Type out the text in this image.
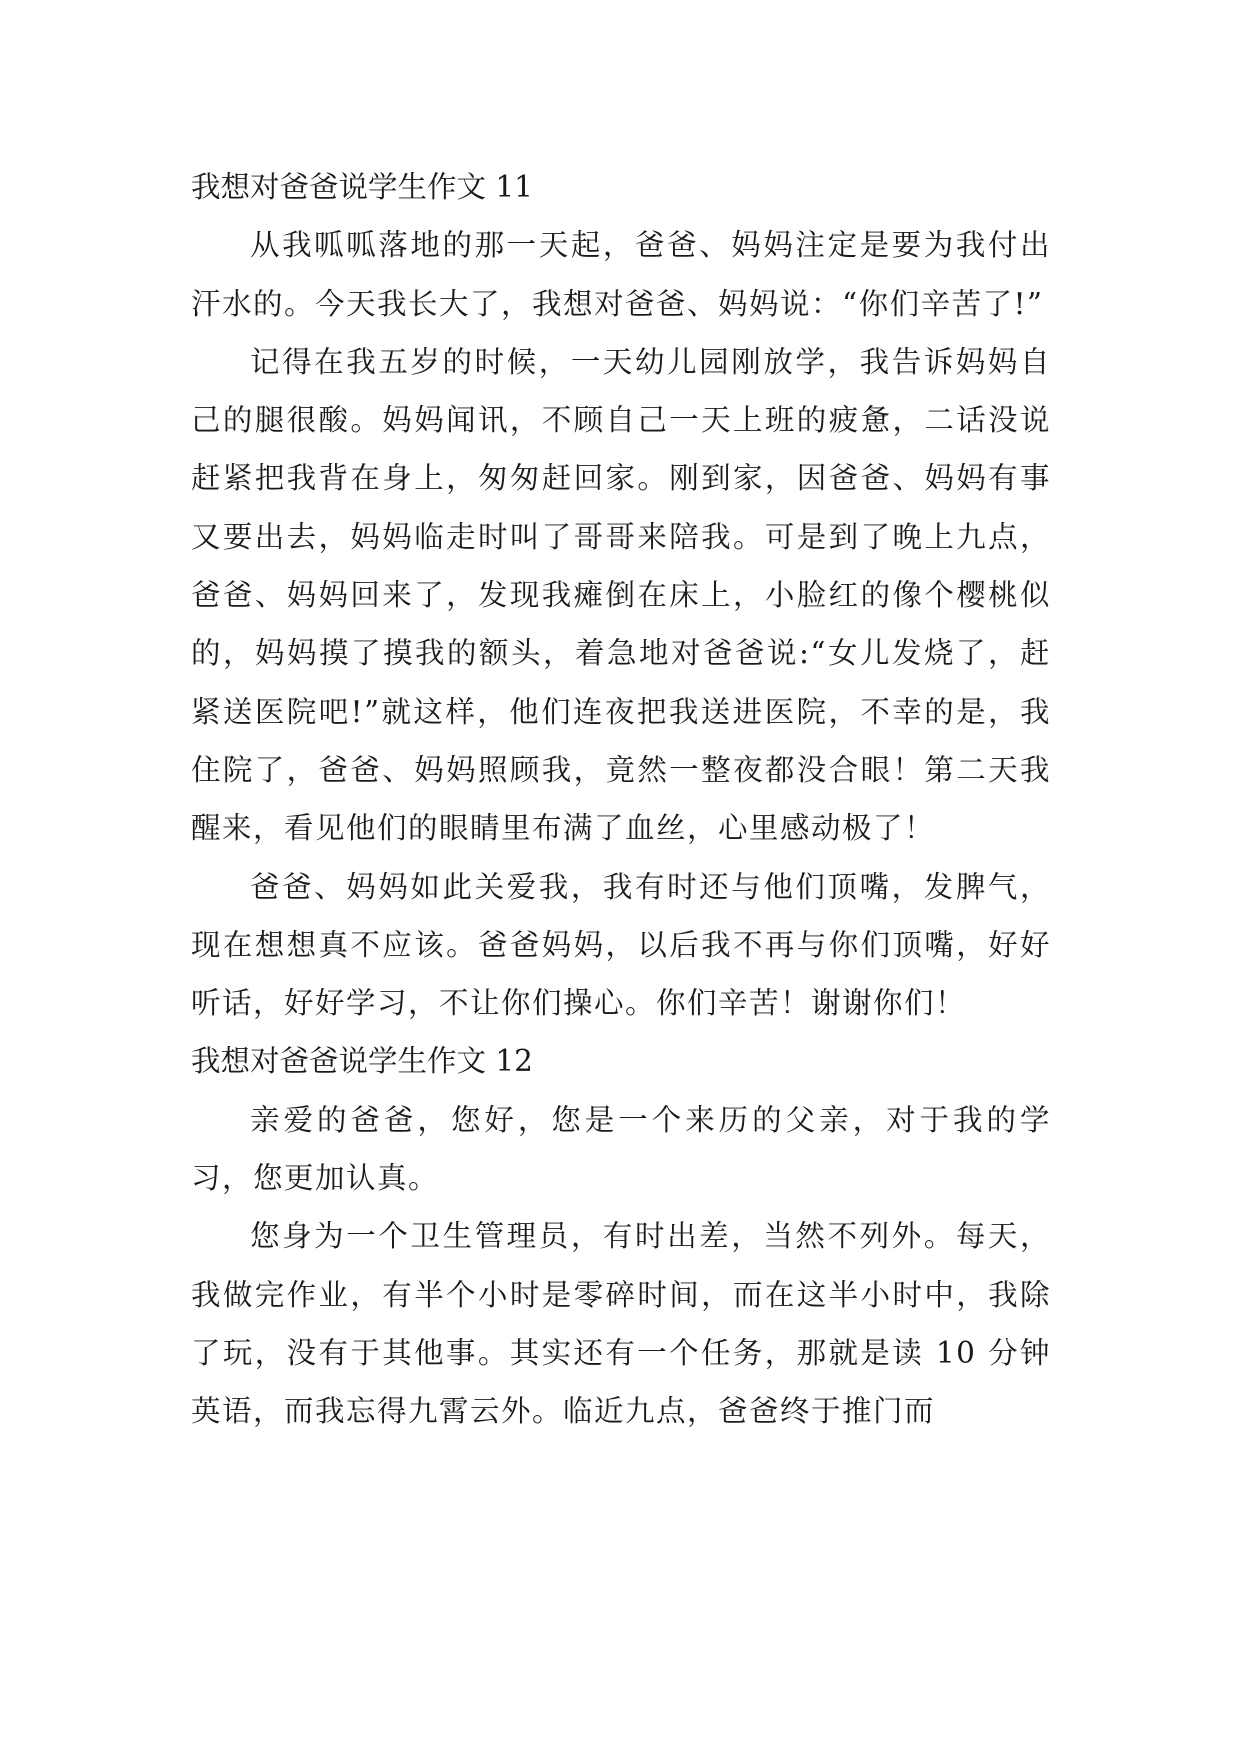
我想对爸爸说学生作文 11

从我呱呱落地的那一天起，爸爸、妈妈注定是要为我付出汗水的。今天我长大了，我想对爸爸、妈妈说：“你们辛苦了!”

记得在我五岁的时候，一天幼儿园刚放学，我告诉妈妈自己的腿很酸。妈妈闻讯，不顾自己一天上班的疲惫，二话没说赶紧把我背在身上，匆匆赶回家。刚到家，因爸爸、妈妈有事又要出去，妈妈临走时叫了哥哥来陪我。可是到了晚上九点，爸爸、妈妈回来了，发现我瘫倒在床上，小脸红的像个樱桃似的，妈妈摸了摸我的额头，着急地对爸爸说:“女儿发烧了，赶紧送医院吧!”就这样，他们连夜把我送进医院，不幸的是，我住院了，爸爸、妈妈照顾我，竟然一整夜都没合眼！第二天我醒来，看见他们的眼睛里布满了血丝，心里感动极了！

爸爸、妈妈如此关爱我，我有时还与他们顶嘴，发脾气，现在想想真不应该。爸爸妈妈，以后我不再与你们顶嘴，好好听话，好好学习，不让你们操心。你们辛苦！谢谢你们！

我想对爸爸说学生作文 12

亲爱的爸爸，您好，您是一个来历的父亲，对于我的学习，您更加认真。

您身为一个卫生管理员，有时出差，当然不列外。每天，我做完作业，有半个小时是零碎时间，而在这半小时中，我除了玩，没有于其他事。其实还有一个任务，那就是读 10 分钟英语，而我忘得九霄云外。临近九点，爸爸终于推门而
